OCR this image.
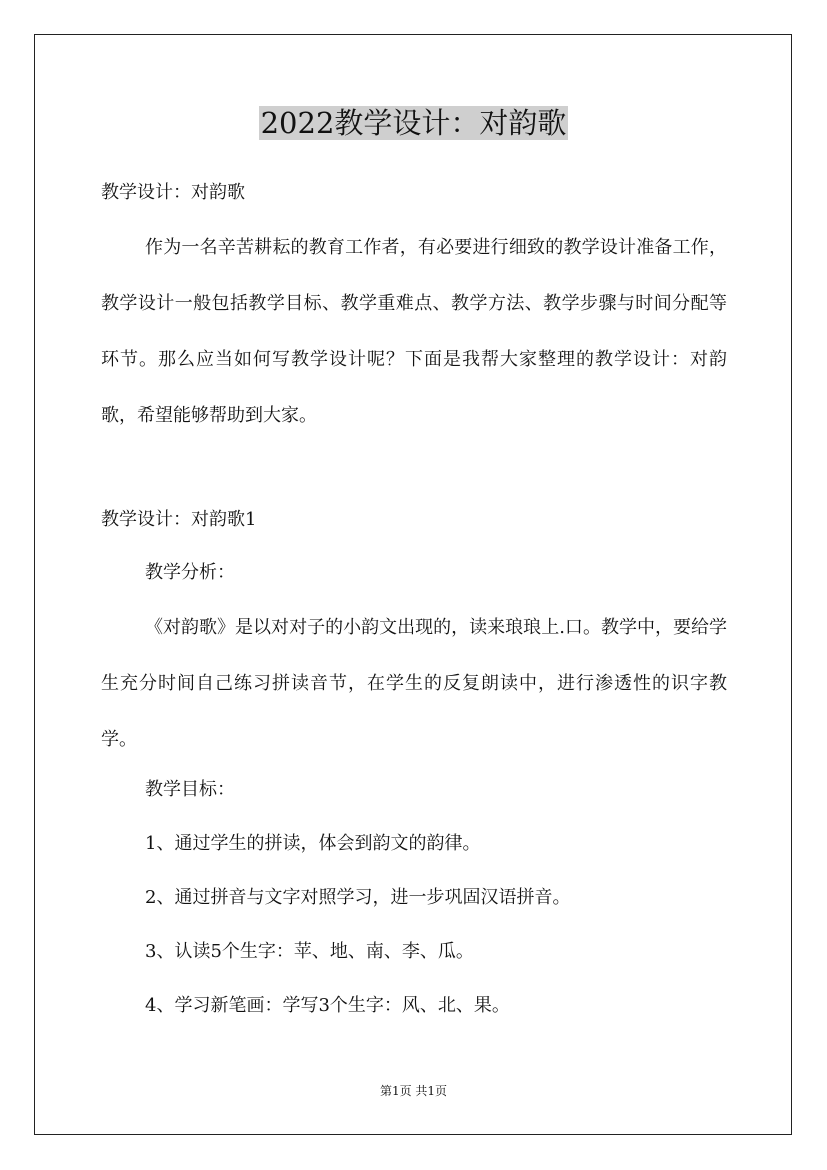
2022教学设计：对韵歌
教学设计：对韵歌
作为一名辛苦耕耘的教育工作者，有必要进行细致的教学设计准备工作，教学设计一般包括教学目标、教学重难点、教学方法、教学步骤与时间分配等环节。那么应当如何写教学设计呢？下面是我帮大家整理的教学设计：对韵歌，希望能够帮助到大家。
教学设计：对韵歌1
教学分析：
《对韵歌》是以对对子的小韵文出现的，读来琅琅上.口。教学中，要给学生充分时间自己练习拼读音节，在学生的反复朗读中，进行渗透性的识字教学。
教学目标：
1、通过学生的拼读，体会到韵文的韵律。
2、通过拼音与文字对照学习，进一步巩固汉语拼音。
3、认读5个生字：苹、地、南、李、瓜。
4、学习新笔画：学写3个生字：风、北、果。
第1页 共1页
